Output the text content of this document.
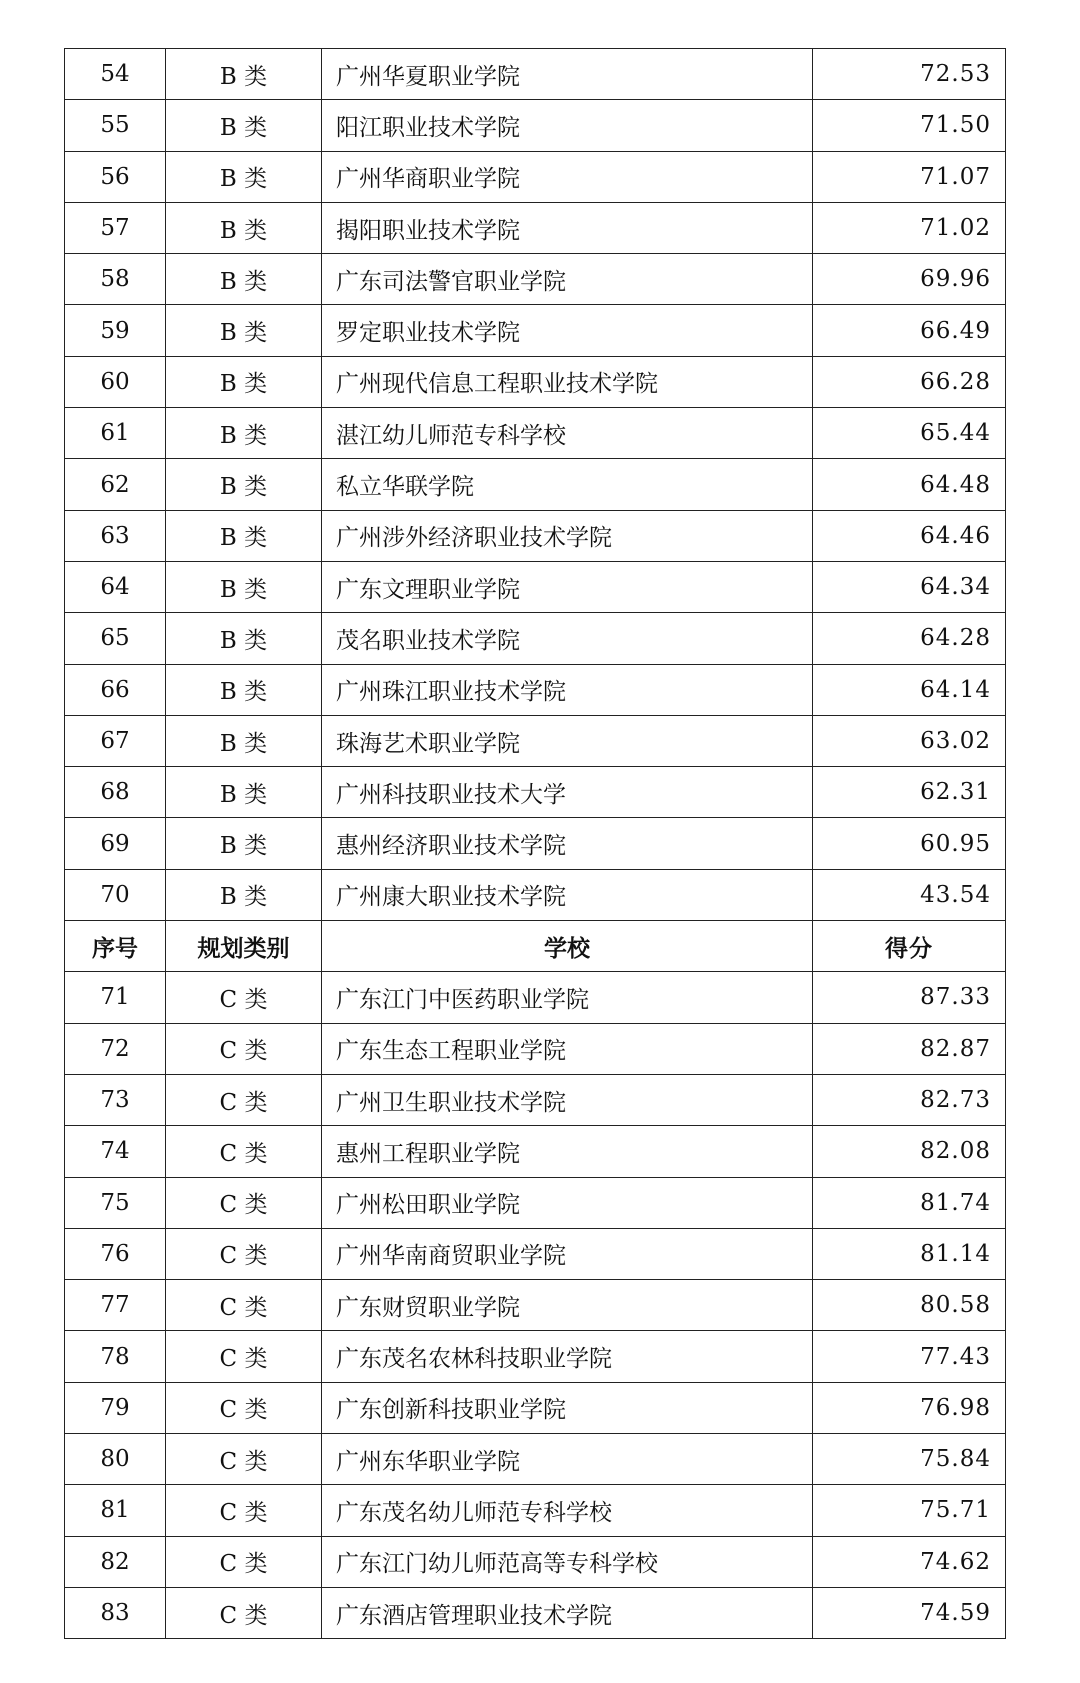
54	B 类	广州华夏职业学院	72.53
55	B 类	阳江职业技术学院	71.50
56	B 类	广州华商职业学院	71.07
57	B 类	揭阳职业技术学院	71.02
58	B 类	广东司法警官职业学院	69.96
59	B 类	罗定职业技术学院	66.49
60	B 类	广州现代信息工程职业技术学院	66.28
61	B 类	湛江幼儿师范专科学校	65.44
62	B 类	私立华联学院	64.48
63	B 类	广州涉外经济职业技术学院	64.46
64	B 类	广东文理职业学院	64.34
65	B 类	茂名职业技术学院	64.28
66	B 类	广州珠江职业技术学院	64.14
67	B 类	珠海艺术职业学院	63.02
68	B 类	广州科技职业技术大学	62.31
69	B 类	惠州经济职业技术学院	60.95
70	B 类	广州康大职业技术学院	43.54
序号	规划类别	学校	得分
71	C 类	广东江门中医药职业学院	87.33
72	C 类	广东生态工程职业学院	82.87
73	C 类	广州卫生职业技术学院	82.73
74	C 类	惠州工程职业学院	82.08
75	C 类	广州松田职业学院	81.74
76	C 类	广州华南商贸职业学院	81.14
77	C 类	广东财贸职业学院	80.58
78	C 类	广东茂名农林科技职业学院	77.43
79	C 类	广东创新科技职业学院	76.98
80	C 类	广州东华职业学院	75.84
81	C 类	广东茂名幼儿师范专科学校	75.71
82	C 类	广东江门幼儿师范高等专科学校	74.62
83	C 类	广东酒店管理职业技术学院	74.59
